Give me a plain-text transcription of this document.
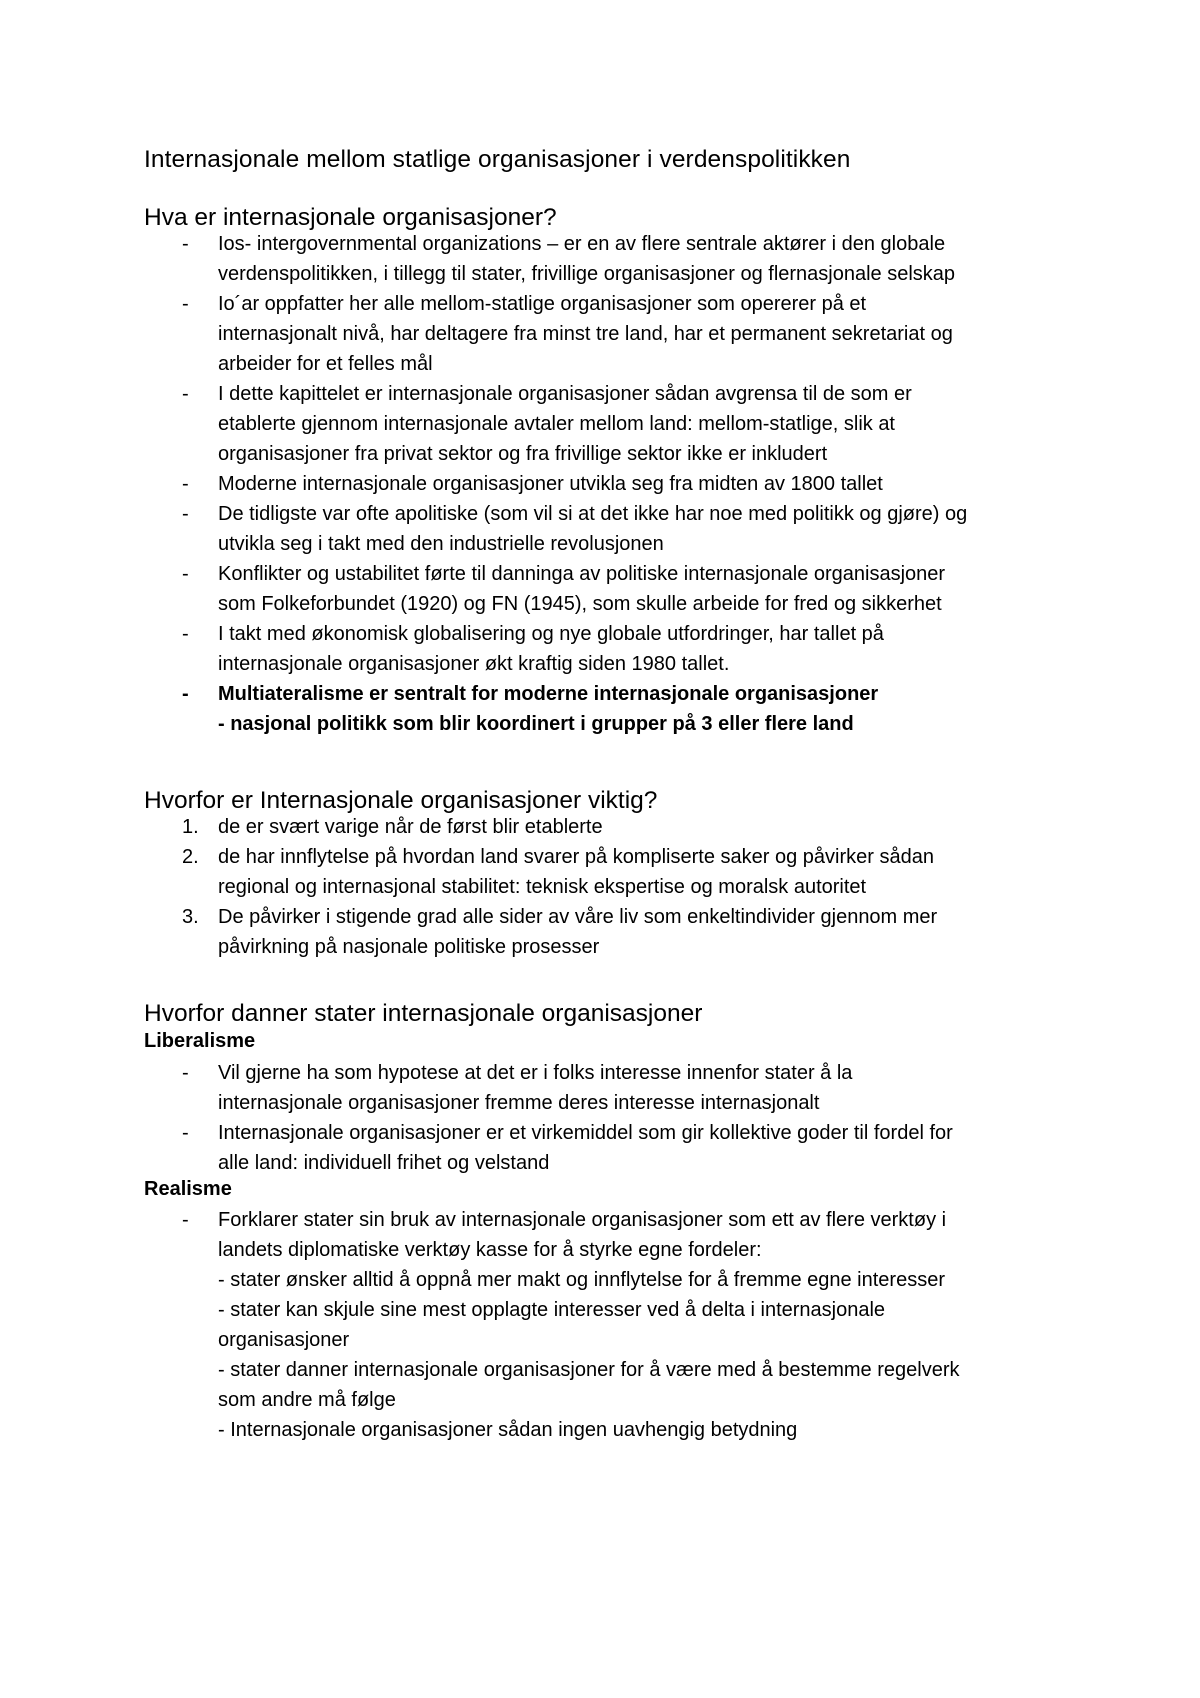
Internasjonale mellom statlige organisasjoner i verdenspolitikken
Hva er internasjonale organisasjoner?
-	Ios- intergovernmental organizations – er en av flere sentrale aktører i den globale
verdenspolitikken, i tillegg til stater, frivillige organisasjoner og flernasjonale selskap
-	Io´ar oppfatter her alle mellom-statlige organisasjoner som opererer på et
internasjonalt nivå, har deltagere fra minst tre land, har et permanent sekretariat og
arbeider for et felles mål
-	I dette kapittelet er internasjonale organisasjoner sådan avgrensa til de som er
etablerte gjennom internasjonale avtaler mellom land: mellom-statlige, slik at
organisasjoner fra privat sektor og fra frivillige sektor ikke er inkludert
-	Moderne internasjonale organisasjoner utvikla seg fra midten av 1800 tallet
-	De tidligste var ofte apolitiske (som vil si at det ikke har noe med politikk og gjøre) og
utvikla seg i takt med den industrielle revolusjonen
-	Konflikter og ustabilitet førte til danninga av politiske internasjonale organisasjoner
som Folkeforbundet (1920) og FN (1945), som skulle arbeide for fred og sikkerhet
-	I takt med økonomisk globalisering og nye globale utfordringer, har tallet på
internasjonale organisasjoner økt kraftig siden 1980 tallet.
-	Multiateralisme er sentralt for moderne internasjonale organisasjoner
- nasjonal politikk som blir koordinert i grupper på 3 eller flere land
Hvorfor er Internasjonale organisasjoner viktig?
1. de er svært varige når de først blir etablerte
2. de har innflytelse på hvordan land svarer på kompliserte saker og påvirker sådan
regional og internasjonal stabilitet: teknisk ekspertise og moralsk autoritet
3. De påvirker i stigende grad alle sider av våre liv som enkeltindivider gjennom mer
påvirkning på nasjonale politiske prosesser
Hvorfor danner stater internasjonale organisasjoner
Liberalisme
-	Vil gjerne ha som hypotese at det er i folks interesse innenfor stater å la
internasjonale organisasjoner fremme deres interesse internasjonalt
-	Internasjonale organisasjoner er et virkemiddel som gir kollektive goder til fordel for
alle land: individuell frihet og velstand
Realisme
-	Forklarer stater sin bruk av internasjonale organisasjoner som ett av flere verktøy i
landets diplomatiske verktøy kasse for å styrke egne fordeler:
- stater ønsker alltid å oppnå mer makt og innflytelse for å fremme egne interesser
- stater kan skjule sine mest opplagte interesser ved å delta i internasjonale
organisasjoner
- stater danner internasjonale organisasjoner for å være med å bestemme regelverk
som andre må følge
- Internasjonale organisasjoner sådan ingen uavhengig betydning
